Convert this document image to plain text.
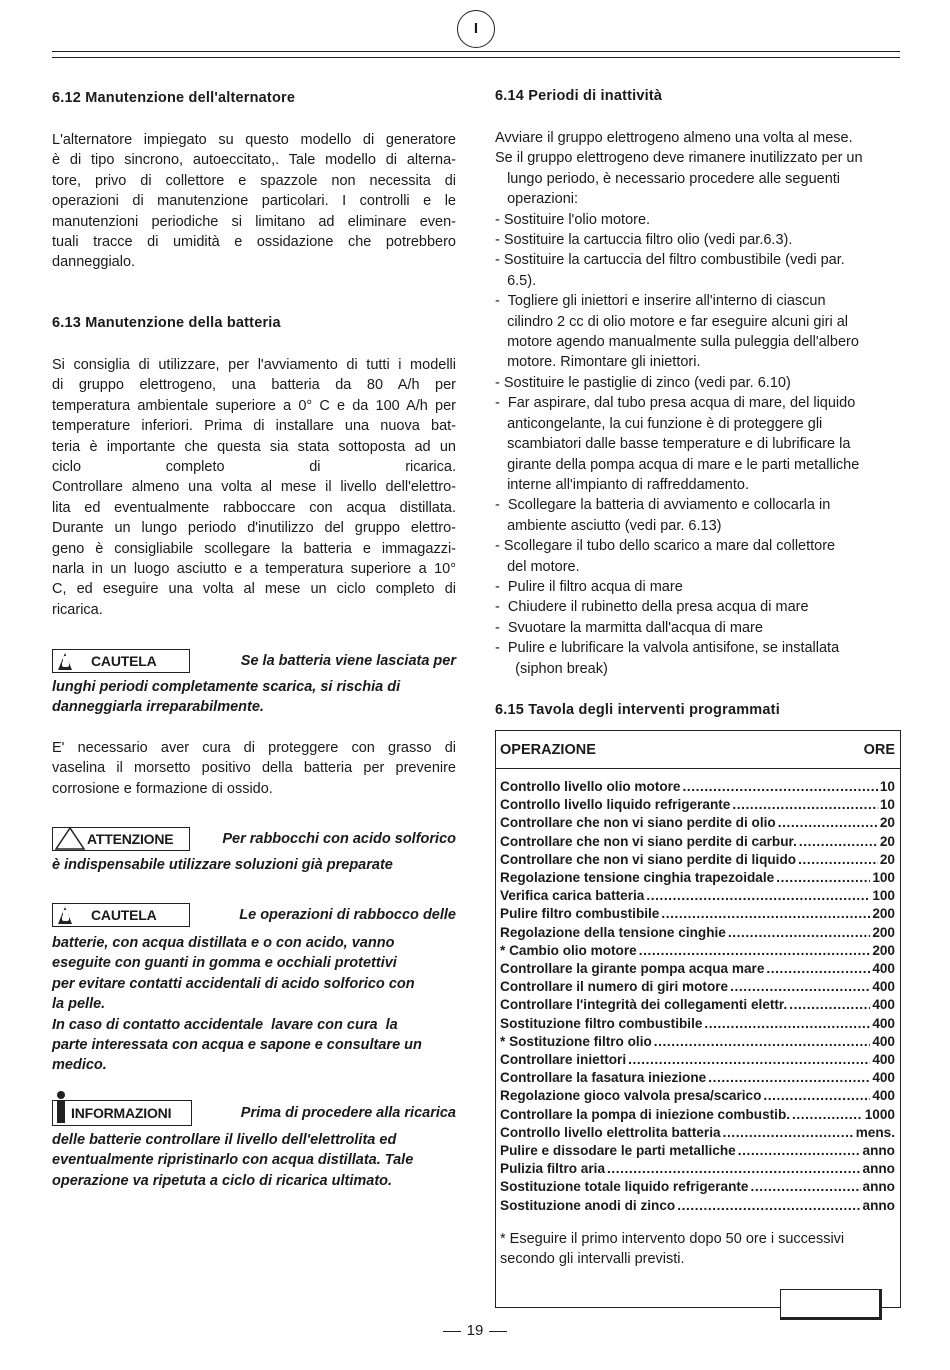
I
6.12 Manutenzione dell'alternatore
L'alternatore impiegato su questo modello di generatore
è di tipo sincrono, autoeccitato,. Tale modello di alterna-
tore, privo di collettore e spazzole non necessita di
operazioni di manutenzione particolari. I controlli e le
manutenzioni periodiche si limitano ad eliminare even-
tuali tracce di umidità e ossidazione che potrebbero
danneggialo.
6.13 Manutenzione della batteria
Si consiglia di utilizzare, per l'avviamento di tutti i modelli
di gruppo elettrogeno, una batteria da 80 A/h per
temperatura ambientale superiore a 0° C e da 100 A/h per
temperature inferiori. Prima di installare una nuova bat-
teria è importante che questa sia stata sottoposta ad un
ciclo completo di ricarica.
Controllare almeno una volta al mese il livello dell'elettro-
lita ed eventualmente rabboccare con acqua distillata.
Durante un lungo periodo d'inutilizzo del gruppo elettro-
geno è consigliabile scollegare la batteria e immagazzi-
narla in un luogo asciutto e a temperatura superiore a 10°
C, ed eseguire una volta al mese un ciclo completo di
ricarica.
CAUTELA	Se la batteria viene lasciata per
lunghi periodi completamente scarica, si rischia di
danneggiarla irreparabilmente.
E' necessario aver cura di proteggere con grasso di
vaselina il morsetto positivo della batteria per prevenire
corrosione e formazione di ossido.
ATTENZIONE	Per rabbocchi con acido solforico
è indispensabile utilizzare soluzioni già preparate
CAUTELA	Le operazioni di rabbocco delle
batterie, con acqua distillata e o con acido, vanno
eseguite con guanti in gomma e occhiali protettivi
per evitare contatti accidentali di acido solforico con
la pelle.
In caso di contatto accidentale  lavare con cura  la
parte interessata con acqua e sapone e consultare un
medico.
INFORMAZIONI	Prima di procedere alla ricarica
delle batterie controllare il livello dell'elettrolita ed
eventualmente ripristinarlo con acqua distillata. Tale
operazione va ripetuta a ciclo di ricarica ultimato.
6.14 Periodi di inattività
Avviare il gruppo elettrogeno almeno una volta al mese.
Se il gruppo elettrogeno deve rimanere inutilizzato per un
lungo periodo, è necessario procedere alle seguenti
operazioni:
- Sostituire l'olio motore.
- Sostituire la cartuccia filtro olio (vedi par.6.3).
- Sostituire la cartuccia del filtro combustibile (vedi par.
6.5).
-  Togliere gli iniettori e inserire all'interno di ciascun
cilindro 2 cc di olio motore e far eseguire alcuni giri al
motore agendo manualmente sulla puleggia dell'albero
motore. Rimontare gli iniettori.
- Sostituire le pastiglie di zinco (vedi par. 6.10)
-  Far aspirare, dal tubo presa acqua di mare, del liquido
anticongelante, la cui funzione è di proteggere gli
scambiatori dalle basse temperature e di lubrificare la
girante della pompa acqua di mare e le parti metalliche
interne all'impianto di raffreddamento.
-  Scollegare la batteria di avviamento e collocarla in
ambiente asciutto (vedi par. 6.13)
- Scollegare il tubo dello scarico a mare dal collettore
del motore.
-  Pulire il filtro acqua di mare
-  Chiudere il rubinetto della presa acqua di mare
-  Svuotare la marmitta dall'acqua di mare
-  Pulire e lubrificare la valvola antisifone, se installata
(siphon break)
6.15 Tavola degli interventi programmati
OPERAZIONE	ORE
Controllo livello olio motore .....	10
Controllo livello liquido refrigerante .....	10
Controllare che non vi siano perdite di olio .....	20
Controllare che non vi siano perdite di carbur. .....	20
Controllare che non vi siano perdite di liquido .....	20
Regolazione tensione cinghia trapezoidale .....	100
Verifica carica batteria .....	100
Pulire filtro combustibile .....	200
Regolazione della tensione cinghie .....	200
* Cambio olio motore .....	200
Controllare la girante pompa acqua mare .....	400
Controllare il numero di giri motore .....	400
Controllare l'integrità dei collegamenti elettr. .....	400
Sostituzione filtro combustibile .....	400
* Sostituzione filtro olio .....	400
Controllare iniettori .....	400
Controllare la fasatura iniezione .....	400
Regolazione gioco valvola presa/scarico .....	400
Controllare la pompa di iniezione combustib. .....	1000
Controllo livello elettrolita batteria .....	mens.
Pulire e dissodare le parti metalliche .....	anno
Pulizia filtro aria .....	anno
Sostituzione totale liquido refrigerante .....	anno
Sostituzione anodi di zinco .....	anno
* Eseguire il primo intervento dopo 50 ore i successivi
secondo gli intervalli previsti.
19
